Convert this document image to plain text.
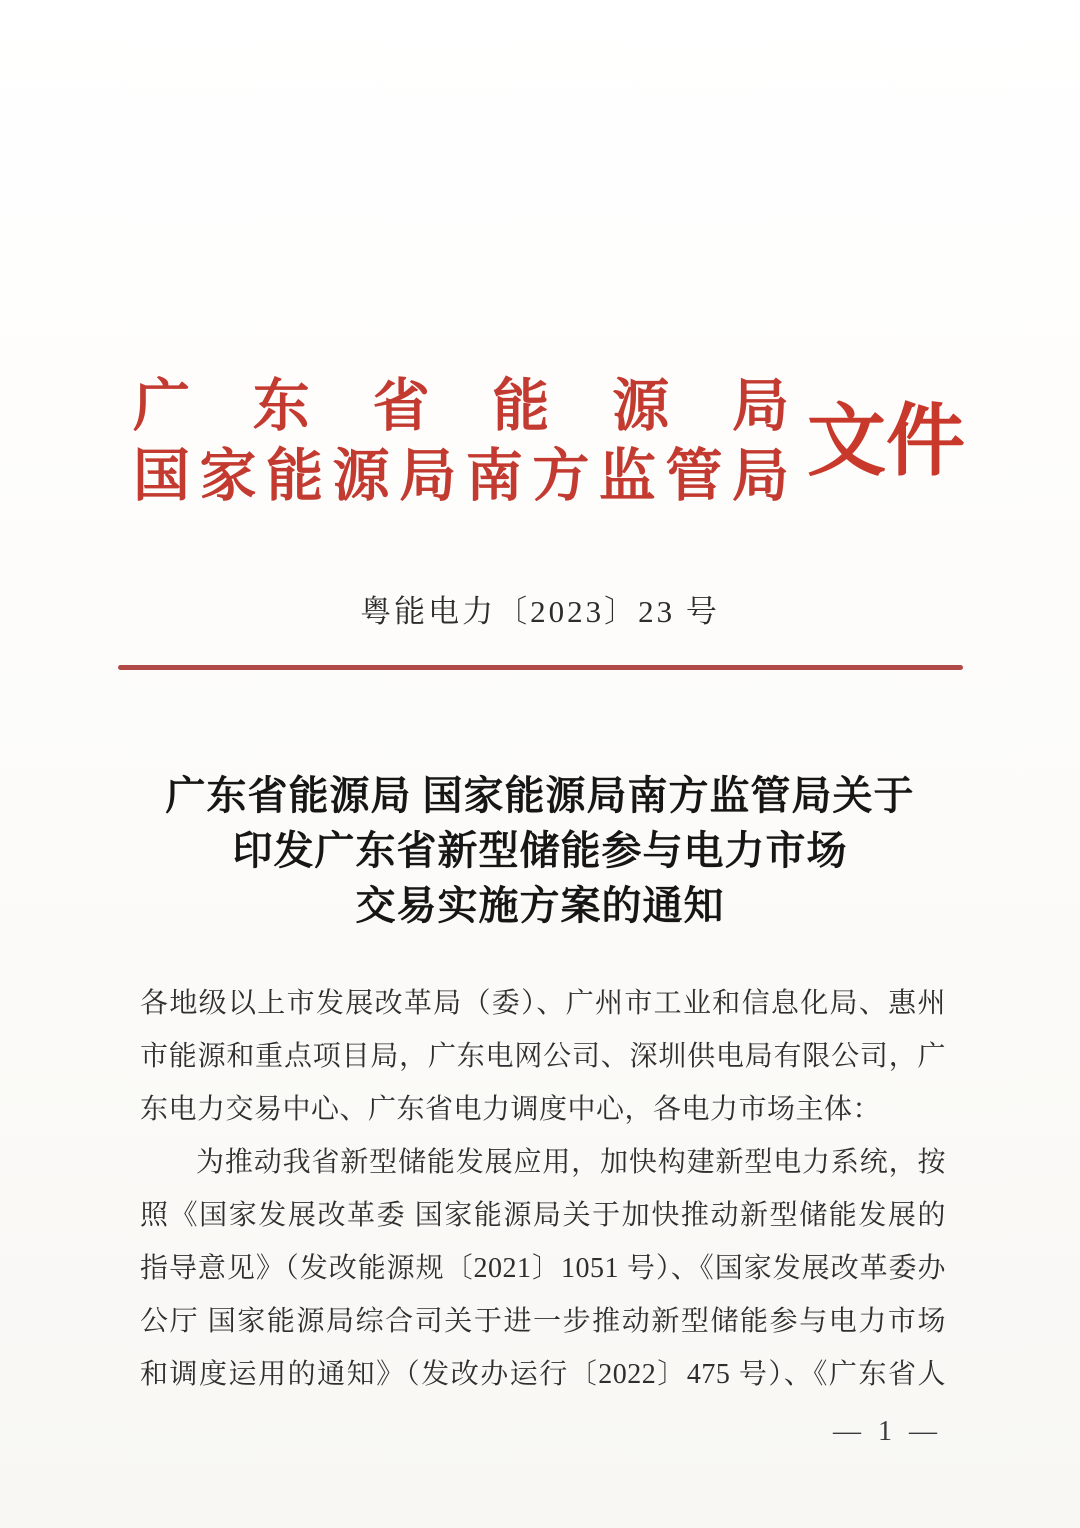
广东省能源局
国家能源局南方监管局 文件
粤能电力〔2023〕23 号
广东省能源局 国家能源局南方监管局关于
印发广东省新型储能参与电力市场
交易实施方案的通知
各地级以上市发展改革局（委）、广州市工业和信息化局、惠州
市能源和重点项目局，广东电网公司、深圳供电局有限公司，广
东电力交易中心、广东省电力调度中心，各电力市场主体：
为推动我省新型储能发展应用，加快构建新型电力系统，按
照《国家发展改革委 国家能源局关于加快推动新型储能发展的
指导意见》（发改能源规〔2021〕1051 号）、《国家发展改革委办
公厅 国家能源局综合司关于进一步推动新型储能参与电力市场
和调度运用的通知》（发改办运行〔2022〕475 号）、《广东省人
— 1 —
